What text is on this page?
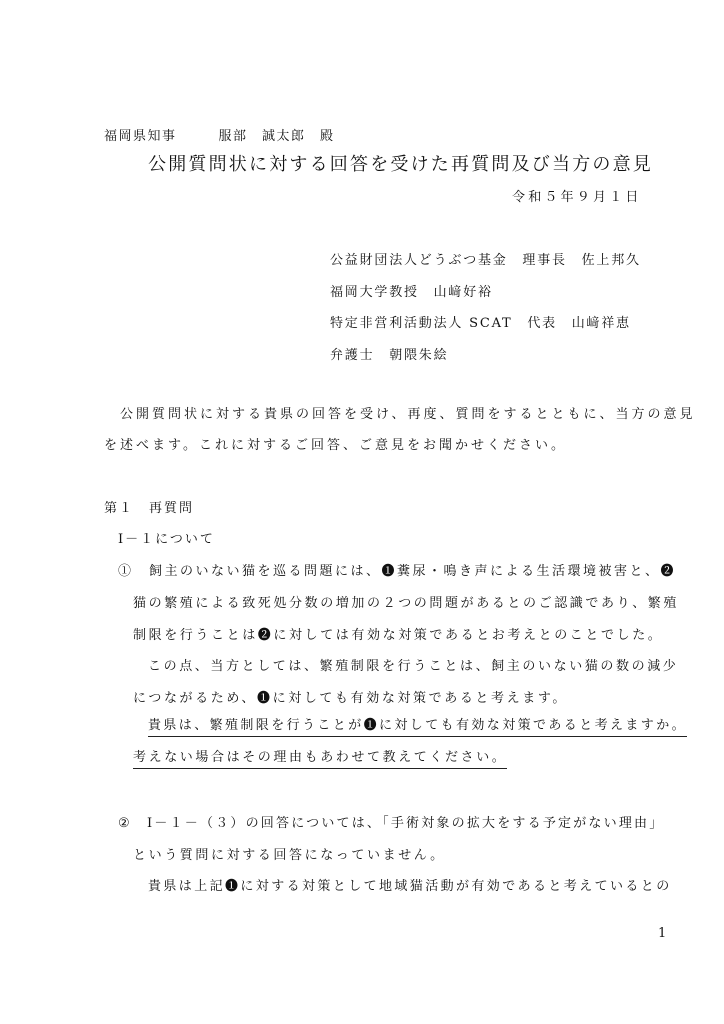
福岡県知事	服部　誠太郎　殿
公開質問状に対する回答を受けた再質問及び当方の意見
令和５年９月１日
公益財団法人どうぶつ基金　理事長　佐上邦久
福岡大学教授　山﨑好裕
特定非営利活動法人 SCAT　代表　山﨑祥恵
弁護士　朝隈朱絵
公開質問状に対する貴県の回答を受け、再度、質問をするとともに、当方の意見
を述べます。これに対するご回答、ご意見をお聞かせください。
第１　再質問
Ⅰ－１について
①　飼主のいない猫を巡る問題には、❶糞尿・鳴き声による生活環境被害と、❷
猫の繁殖による致死処分数の増加の２つの問題があるとのご認識であり、繁殖
制限を行うことは❷に対しては有効な対策であるとお考えとのことでした。
この点、当方としては、繁殖制限を行うことは、飼主のいない猫の数の減少
につながるため、❶に対しても有効な対策であると考えます。
貴県は、繁殖制限を行うことが❶に対しても有効な対策であると考えますか。
考えない場合はその理由もあわせて教えてください。
②　Ⅰ－１－（３）の回答については、「手術対象の拡大をする予定がない理由」
という質問に対する回答になっていません。
貴県は上記❶に対する対策として地域猫活動が有効であると考えているとの
1
